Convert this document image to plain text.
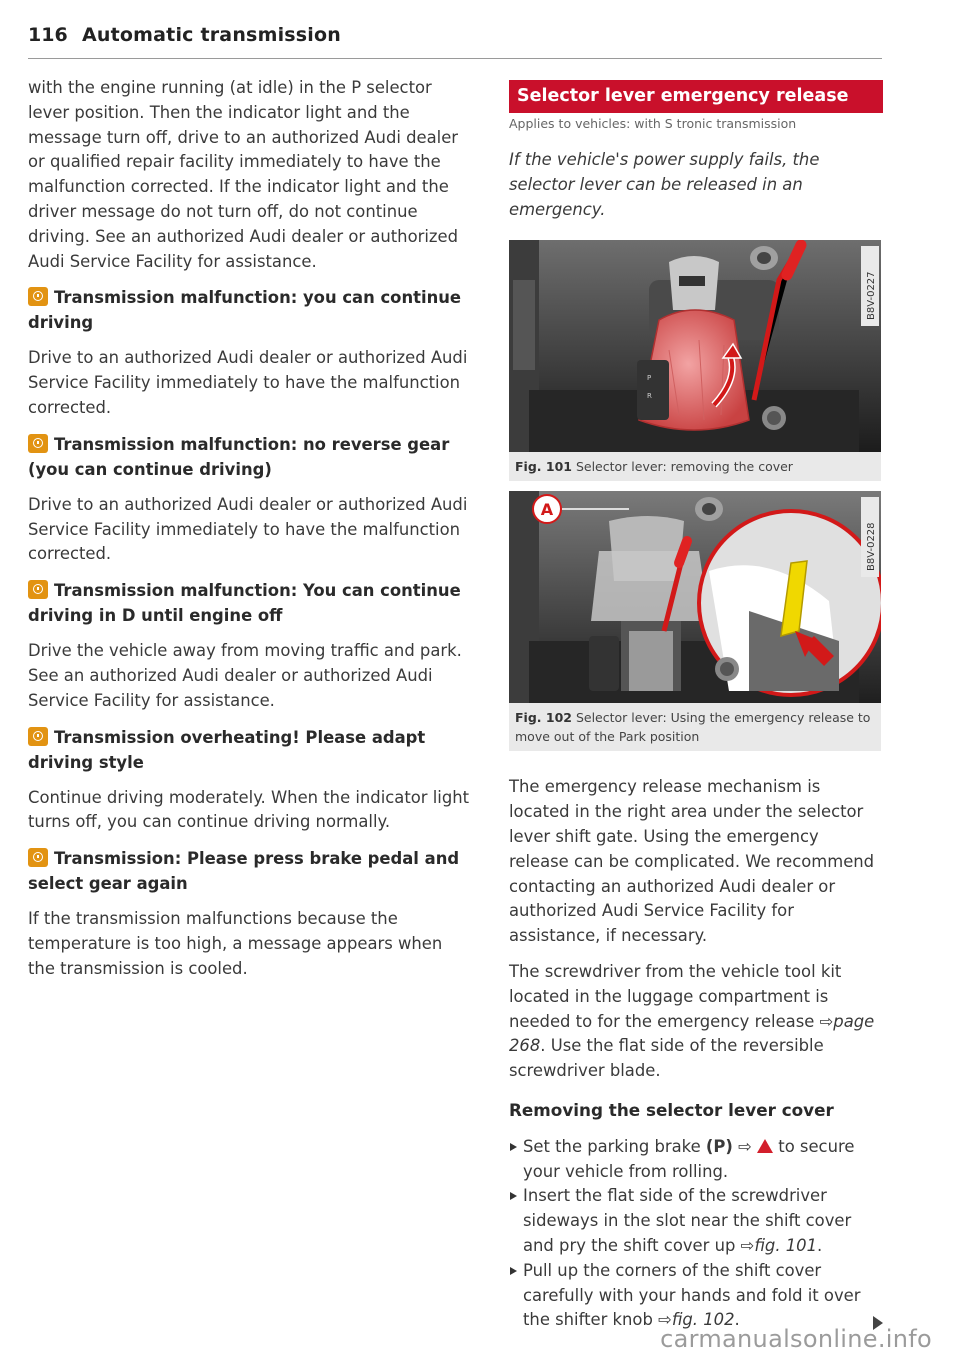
116 Automatic transmission

with the engine running (at idle) in the P selector lever position. Then the indicator light and the message turn off, drive to an authorized Audi dealer or qualified repair facility immediately to have the malfunction corrected. If the indicator light and the driver message do not turn off, do not continue driving. See an authorized Audi dealer or authorized Audi Service Facility for assistance.

Transmission malfunction: you can continue driving

Drive to an authorized Audi dealer or authorized Audi Service Facility immediately to have the malfunction corrected.

Transmission malfunction: no reverse gear (you can continue driving)

Drive to an authorized Audi dealer or authorized Audi Service Facility immediately to have the malfunction corrected.

Transmission malfunction: You can continue driving in D until engine off

Drive the vehicle away from moving traffic and park. See an authorized Audi dealer or authorized Audi Service Facility for assistance.

Transmission overheating! Please adapt driving style

Continue driving moderately. When the indicator light turns off, you can continue driving normally.

Transmission: Please press brake pedal and select gear again

If the transmission malfunctions because the temperature is too high, a message appears when the transmission is cooled.

Selector lever emergency release
Applies to vehicles: with S tronic transmission

If the vehicle's power supply fails, the selector lever can be released in an emergency.

P
R
B8V-0227
Fig. 101 Selector lever: removing the cover
A
B8V-0228
Fig. 102 Selector lever: Using the emergency release to move out of the Park position

The emergency release mechanism is located in the right area under the selector lever shift gate. Using the emergency release can be complicated. We recommend contacting an authorized Audi dealer or authorized Audi Service Facility for assistance, if necessary.

The screwdriver from the vehicle tool kit located in the luggage compartment is needed to for the emergency release ⇨page 268. Use the flat side of the reversible screwdriver blade.

Removing the selector lever cover
Set the parking brake (P) ⇨ to secure your vehicle from rolling.
Insert the flat side of the screwdriver sideways in the slot near the shift cover and pry the shift cover up ⇨fig. 101.
Pull up the corners of the shift cover carefully with your hands and fold it over the shifter knob ⇨fig. 102.
carmanualsonline.info
